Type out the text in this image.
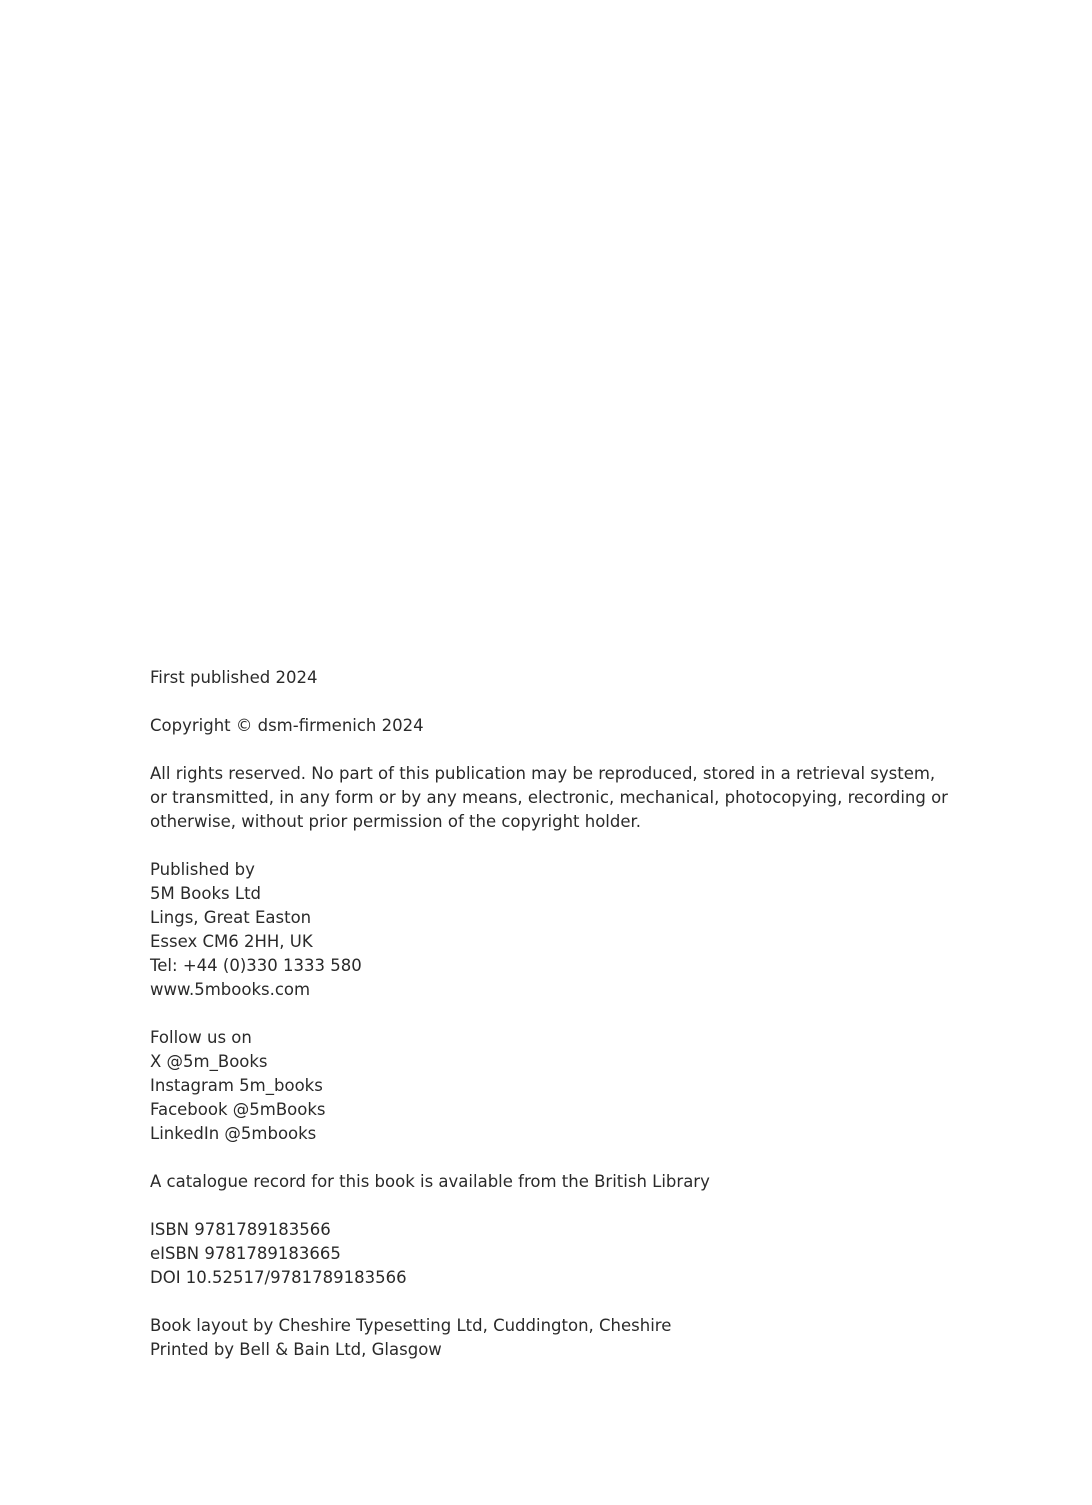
First published 2024
Copyright © dsm-firmenich 2024
All rights reserved. No part of this publication may be reproduced, stored in a retrieval system,
or transmitted, in any form or by any means, electronic, mechanical, photocopying, recording or
otherwise, without prior permission of the copyright holder.
Published by
5M Books Ltd
Lings, Great Easton
Essex CM6 2HH, UK
Tel: +44 (0)330 1333 580
www.5mbooks.com
Follow us on
X @5m_Books
Instagram 5m_books
Facebook @5mBooks
LinkedIn @5mbooks
A catalogue record for this book is available from the British Library
ISBN 9781789183566
eISBN 9781789183665
DOI 10.52517/9781789183566
Book layout by Cheshire Typesetting Ltd, Cuddington, Cheshire
Printed by Bell & Bain Ltd, Glasgow
